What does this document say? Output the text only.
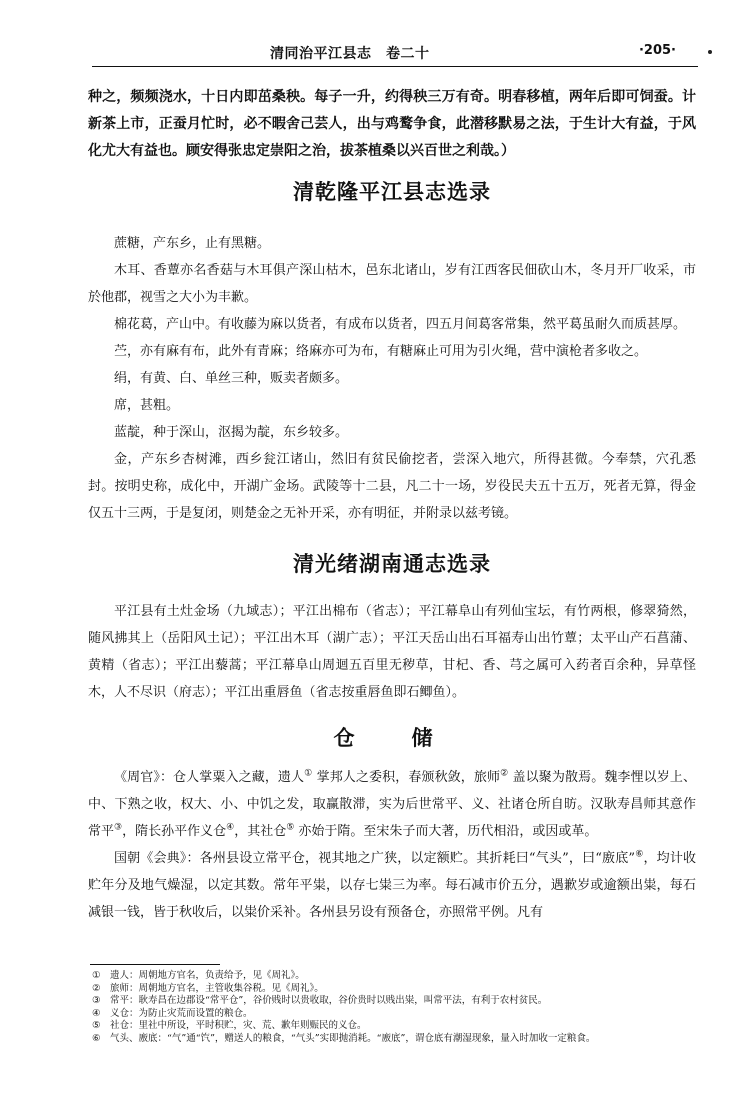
清同治平江县志　卷二十	·205·

种之，频频浇水，十日内即茁桑秧。每子一升，约得秧三万有奇。明春移植，两年后即可饲蚕。计新茶上市，正蚕月忙时，必不暇舍己芸人，出与鸡鹜争食，此潜移默易之法，于生计大有益，于风化尤大有益也。顾安得张忠定崇阳之治，拔茶植桑以兴百世之利哉。）

清乾隆平江县志选录

蔗糖，产东乡，止有黑糖。

木耳、香蕈亦名香菇与木耳俱产深山枯木，邑东北诸山，岁有江西客民佃砍山木，冬月开厂收采，市於他郡，视雪之大小为丰歉。

棉花葛，产山中。有收藤为麻以货者，有成布以货者，四五月间葛客常集，然平葛虽耐久而质甚厚。

苎，亦有麻有布，此外有青麻；络麻亦可为布，有糖麻止可用为引火绳，营中演枪者多收之。

绢，有黄、白、单丝三种，贩卖者颇多。

席，甚粗。

蓝靛，种于深山，沤揭为靛，东乡较多。

金，产东乡杏树滩，西乡瓮江诸山，然旧有贫民偷挖者，尝深入地穴，所得甚微。今奉禁，穴孔悉封。按明史称，成化中，开湖广金场。武陵等十二县，凡二十一场，岁役民夫五十五万，死者无算，得金仅五十三两，于是复闭，则楚金之无补开采，亦有明征，并附录以兹考镜。

清光绪湖南通志选录

平江县有土灶金场（九域志）；平江出棉布（省志）；平江幕阜山有列仙宝坛，有竹两根，修翠猗然，随风拂其上（岳阳风土记）；平江出木耳（湖广志）；平江天岳山出石耳福寿山出竹蕈；太平山产石菖蒲、黄精（省志）；平江出藜蒿；平江幕阜山周迴五百里无秽草，甘杞、香、芎之属可入药者百余种，异草怪木，人不尽识（府志）；平江出重唇鱼（省志按重唇鱼即石鲫鱼）。

仓　储

《周官》：仓人掌粟入之藏，遗人① 掌邦人之委积，春颁秋敛，旅师② 盖以聚为散焉。魏李悝以岁上、中、下熟之收，权大、小、中饥之发，取赢散滞，实为后世常平、义、社诸仓所自昉。汉耿寿昌师其意作常平③，隋长孙平作义仓④，其社仓⑤ 亦始于隋。至宋朱子而大著，历代相沿，或因或革。

国朝《会典》：各州县设立常平仓，视其地之广狭，以定额贮。其折耗曰“气头”，曰“廒底”⑥，均计收贮年分及地气燥湿，以定其数。常年平粜，以存七粜三为率。每石减市价五分，遇歉岁或逾额出粜，每石减银一钱，皆于秋收后，以粜价采补。各州县另设有预备仓，亦照常平例。凡有

① 遗人：周朝地方官名，负责给予，见《周礼》。

② 旅师：周朝地方官名，主管收集谷税。见《周礼》。

③ 常平：耿寿昌在边郡设“常平仓”，谷价贱时以贵收取，谷价贵时以贱出粜，叫常平法，有利于农村贫民。

④ 义仓：为防止灾荒而设置的粮仓。

⑤ 社仓：里社中所设，平时积贮，灾、荒、歉年则赈民的义仓。

⑥ 气头、廒底：“气”通“饩”，赠送人的粮食，“气头”实即抛消耗。“廒底”，谓仓底有潮湿现象，量入时加收一定粮食。
